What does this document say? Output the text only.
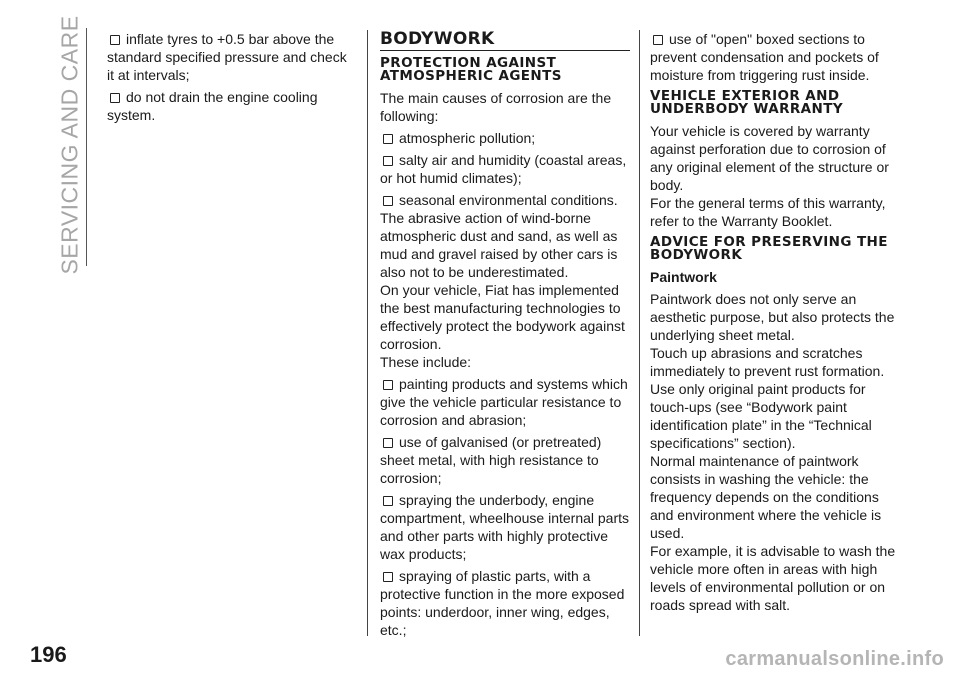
SERVICING AND CARE	inflate tyres to +0.5 bar above the standard specified pressure and check it at intervals;

do not drain the engine cooling system.

BODYWORK
PROTECTION AGAINST ATMOSPHERIC AGENTS

The main causes of corrosion are the following:

atmospheric pollution;

salty air and humidity (coastal areas, or hot humid climates);

seasonal environmental conditions.

The abrasive action of wind-borne atmospheric dust and sand, as well as mud and gravel raised by other cars is also not to be underestimated.

On your vehicle, Fiat has implemented the best manufacturing technologies to effectively protect the bodywork against corrosion.

These include:

painting products and systems which give the vehicle particular resistance to corrosion and abrasion;

use of galvanised (or pretreated) sheet metal, with high resistance to corrosion;

spraying the underbody, engine compartment, wheelhouse internal parts and other parts with highly protective wax products;

spraying of plastic parts, with a protective function in the more exposed points: underdoor, inner wing, edges, etc.;

use of "open" boxed sections to prevent condensation and pockets of moisture from triggering rust inside.

VEHICLE EXTERIOR AND UNDERBODY WARRANTY

Your vehicle is covered by warranty against perforation due to corrosion of any original element of the structure or body.

For the general terms of this warranty, refer to the Warranty Booklet.

ADVICE FOR PRESERVING THE BODYWORK
Paintwork

Paintwork does not only serve an aesthetic purpose, but also protects the underlying sheet metal.

Touch up abrasions and scratches immediately to prevent rust formation. Use only original paint products for touch-ups (see “Bodywork paint identification plate” in the “Technical specifications” section).

Normal maintenance of paintwork consists in washing the vehicle: the frequency depends on the conditions and environment where the vehicle is used.

For example, it is advisable to wash the vehicle more often in areas with high levels of environmental pollution or on roads spread with salt.

196	carmanualsonline.info
